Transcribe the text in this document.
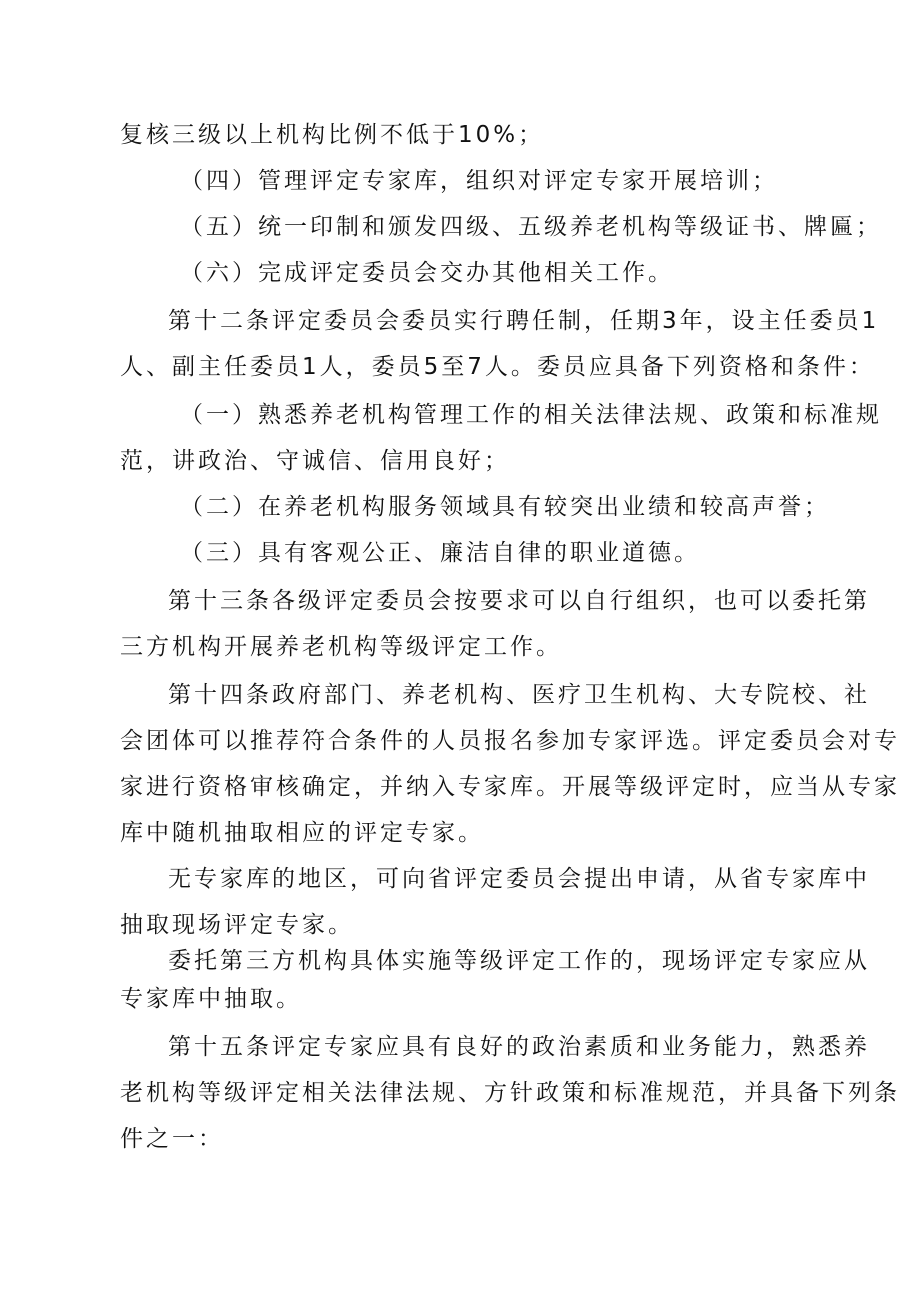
复核三级以上机构比例不低于10%；
（四）管理评定专家库，组织对评定专家开展培训；
（五）统一印制和颁发四级、五级养老机构等级证书、牌匾；
（六）完成评定委员会交办其他相关工作。
第十二条评定委员会委员实行聘任制，任期3年，设主任委员1
人、副主任委员1人，委员5至7人。委员应具备下列资格和条件：
（一）熟悉养老机构管理工作的相关法律法规、政策和标准规
范，讲政治、守诚信、信用良好；
（二）在养老机构服务领域具有较突出业绩和较高声誉；
（三）具有客观公正、廉洁自律的职业道德。
第十三条各级评定委员会按要求可以自行组织，也可以委托第
三方机构开展养老机构等级评定工作。
第十四条政府部门、养老机构、医疗卫生机构、大专院校、社
会团体可以推荐符合条件的人员报名参加专家评选。评定委员会对专
家进行资格审核确定，并纳入专家库。开展等级评定时，应当从专家
库中随机抽取相应的评定专家。
无专家库的地区，可向省评定委员会提出申请，从省专家库中
抽取现场评定专家。
委托第三方机构具体实施等级评定工作的，现场评定专家应从
专家库中抽取。
第十五条评定专家应具有良好的政治素质和业务能力，熟悉养
老机构等级评定相关法律法规、方针政策和标准规范，并具备下列条
件之一：
